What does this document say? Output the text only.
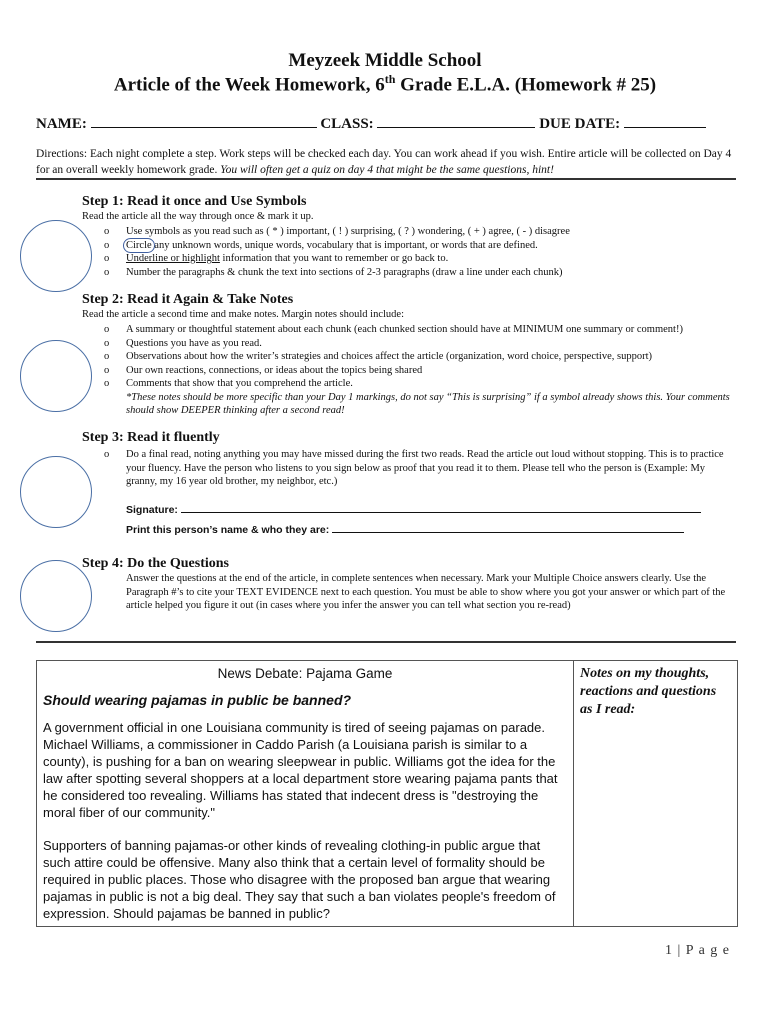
Meyzeek Middle School
Article of the Week Homework, 6th Grade E.L.A. (Homework # 25)
NAME:	CLASS:	DUE DATE:
Directions: Each night complete a step. Work steps will be checked each day. You can work ahead if you wish. Entire article will be collected on Day 4 for an overall weekly homework grade. You will often get a quiz on day 4 that might be the same questions, hint!
Step 1: Read it once and Use Symbols
Read the article all the way through once & mark it up.
o Use symbols as you read such as ( * ) important, ( ! ) surprising, ( ? ) wondering, ( + ) agree, ( - ) disagree
o Circle any unknown words, unique words, vocabulary that is important, or words that are defined.
o Underline or highlight information that you want to remember or go back to.
o Number the paragraphs & chunk the text into sections of 2-3 paragraphs (draw a line under each chunk)
Step 2: Read it Again & Take Notes
Read the article a second time and make notes. Margin notes should include:
o A summary or thoughtful statement about each chunk (each chunked section should have at MINIMUM one summary or comment!)
o Questions you have as you read.
o Observations about how the writer’s strategies and choices affect the article (organization, word choice, perspective, support)
o Our own reactions, connections, or ideas about the topics being shared
o Comments that show that you comprehend the article.
*These notes should be more specific than your Day 1 markings, do not say “This is surprising” if a symbol already shows this. Your comments should show DEEPER thinking after a second read!
Step 3: Read it fluently
o Do a final read, noting anything you may have missed during the first two reads. Read the article out loud without stopping. This is to practice your fluency. Have the person who listens to you sign below as proof that you read it to them. Please tell who the person is (Example: My granny, my 16 year old brother, my neighbor, etc.)
Signature:
Print this person’s name & who they are:
Step 4: Do the Questions
Answer the questions at the end of the article, in complete sentences when necessary. Mark your Multiple Choice answers clearly. Use the Paragraph #’s to cite your TEXT EVIDENCE next to each question. You must be able to show where you got your answer or which part of the article helped you figure it out (in cases where you infer the answer you can tell what section you re-read)
News Debate: Pajama Game
Should wearing pajamas in public be banned?
A government official in one Louisiana community is tired of seeing pajamas on parade. Michael Williams, a commissioner in Caddo Parish (a Louisiana parish is similar to a county), is pushing for a ban on wearing sleepwear in public. Williams got the idea for the law after spotting several shoppers at a local department store wearing pajama pants that he considered too revealing. Williams has stated that indecent dress is "destroying the moral fiber of our community."
Supporters of banning pajamas-or other kinds of revealing clothing-in public argue that such attire could be offensive. Many also think that a certain level of formality should be required in public places. Those who disagree with the proposed ban argue that wearing pajamas in public is not a big deal. They say that such a ban violates people's freedom of expression. Should pajamas be banned in public?

Notes on my thoughts, reactions and questions as I read:
1 | P a g e
